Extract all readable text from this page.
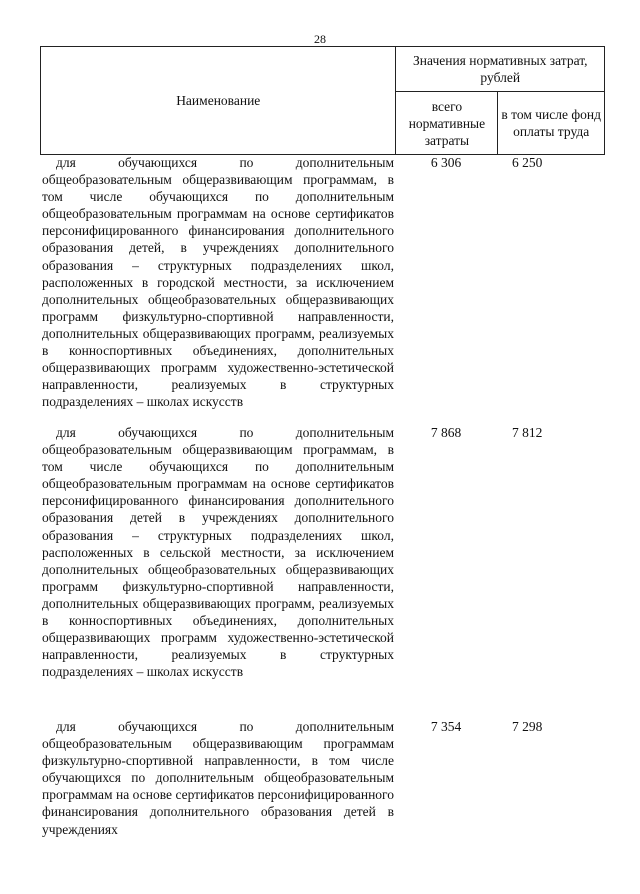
28
Наименование	Значения нормативных затрат, рублей	
	всего нормативные затраты	в том числе фонд оплаты труда

для обучающихся по дополнительным общеобразовательным общеразвивающим программам, в том числе обучающихся по дополнительным общеобразовательным программам на основе сертификатов персонифицированного финансирования дополнительного образования детей, в учреждениях дополнительного образования – структурных подразделениях школ, расположенных в городской местности, за исключением дополнительных общеобразовательных общеразвивающих программ физкультурно-спортивной направленности, дополнительных общеразвивающих программ, реализуемых в конноспортивных объединениях, дополнительных общеразвивающих программ художественно-эстетической направленности, реализуемых в структурных подразделениях – школах искусств

6 306	6 250

для обучающихся по дополнительным общеобразовательным общеразвивающим программам, в том числе обучающихся по дополнительным общеобразовательным программам на основе сертификатов персонифицированного финансирования дополнительного образования детей в учреждениях дополнительного образования – структурных подразделениях школ, расположенных в сельской местности, за исключением дополнительных общеобразовательных общеразвивающих программ физкультурно-спортивной направленности, дополнительных общеразвивающих программ, реализуемых в конноспортивных объединениях, дополнительных общеразвивающих программ художественно-эстетической направленности, реализуемых в структурных подразделениях – школах искусств

7 868	7 812

для обучающихся по дополнительным общеобразовательным общеразвивающим программам физкультурно-спортивной направленности, в том числе обучающихся по дополнительным общеобразовательным программам на основе сертификатов персонифицированного финансирования дополнительного образования детей в учреждениях

7 354	7 298
